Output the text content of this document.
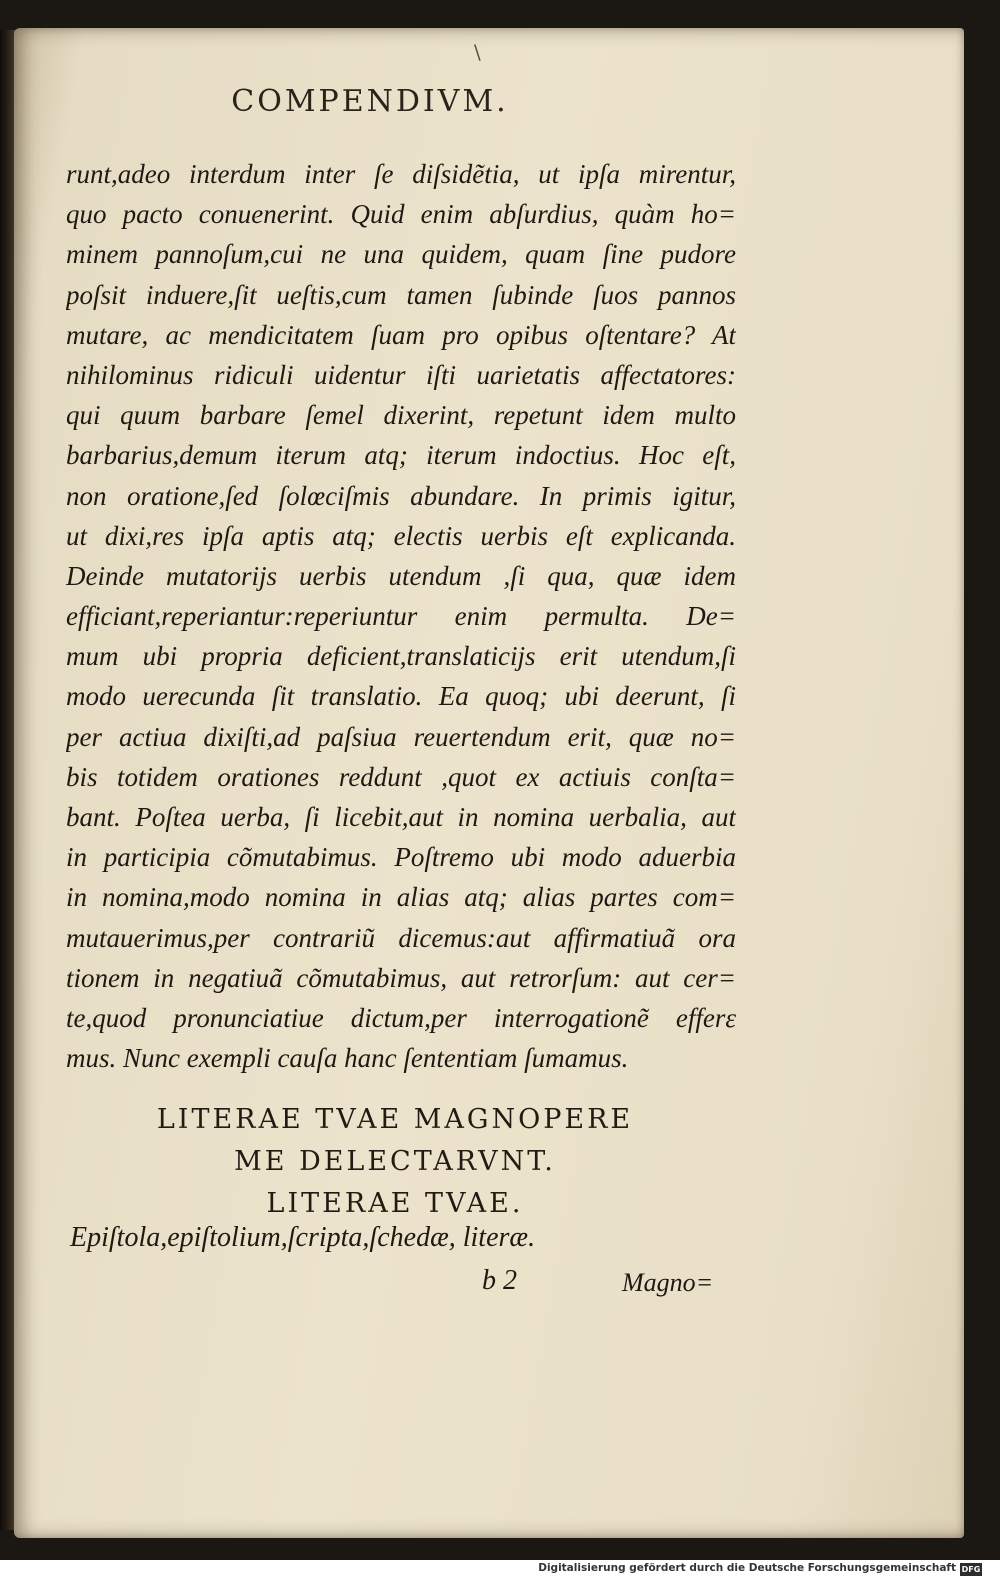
\
COMPENDIVM.
runt,adeo interdum inter ſe diſsidẽtia, ut ipſa mirentur,
quo pacto conuenerint. Quid enim abſurdius, quàm ho=
minem pannoſum,cui ne una quidem, quam ſine pudore
poſsit induere,ſit ueſtis,cum tamen ſubinde ſuos pannos
mutare, ac mendicitatem ſuam pro opibus oſtentare? At
nihilominus ridiculi uidentur iſti uarietatis affectatores:
qui quum barbare ſemel dixerint, repetunt idem multo
barbarius,demum iterum atq; iterum indoctius. Hoc eſt,
non oratione,ſed ſolœciſmis abundare. In primis igitur,
ut dixi,res ipſa aptis atq; electis uerbis eſt explicanda.
Deinde mutatorijs uerbis utendum ,ſi qua, quæ idem
efficiant,reperiantur:reperiuntur enim permulta. De=
mum ubi propria deficient,translaticijs erit utendum,ſi
modo uerecunda ſit translatio. Ea quoq; ubi deerunt, ſi
per actiua dixiſti,ad paſsiua reuertendum erit, quæ no=
bis totidem orationes reddunt ,quot ex actiuis conſta=
bant. Poſtea uerba, ſi licebit,aut in nomina uerbalia, aut
in participia cõmutabimus. Poſtremo ubi modo aduerbia
in nomina,modo nomina in alias atq; alias partes com=
mutauerimus,per contrariũ dicemus:aut affirmatiuã ora
tionem in negatiuã cõmutabimus, aut retrorſum: aut cer=
te,quod pronunciatiue dictum,per interrogationẽ efferε
mus. Nunc exempli cauſa hanc ſententiam ſumamus.
LITERAE TVAE MAGNOPERE
ME DELECTARVNT.
LITERAE TVAE.
Epiſtola,epiſtolium,ſcripta,ſchedæ, literæ.
b 2	Magno=
Digitalisierung gefördert durch die Deutsche Forschungsgemeinschaft DFG
